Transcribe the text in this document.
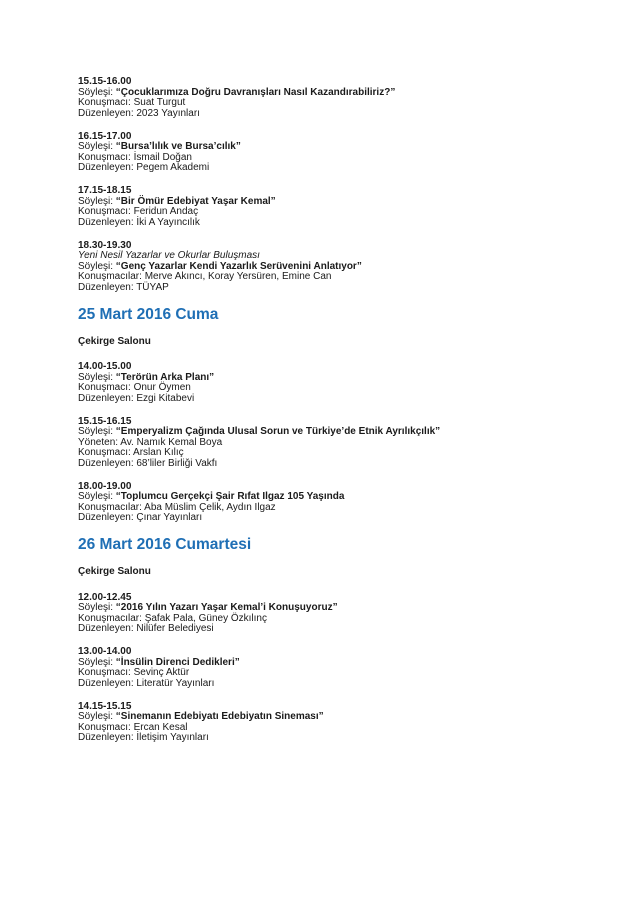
15.15-16.00
Söyleşi: “Çocuklarımıza Doğru Davranışları Nasıl Kazandırabiliriz?”
Konuşmacı: Suat Turgut
Düzenleyen: 2023 Yayınları
16.15-17.00
Söyleşi: “Bursa’lılık ve Bursa’cılık”
Konuşmacı: İsmail Doğan
Düzenleyen: Pegem Akademi
17.15-18.15
Söyleşi: “Bir Ömür Edebiyat Yaşar Kemal”
Konuşmacı: Feridun Andaç
Düzenleyen: İki A Yayıncılık
18.30-19.30
Yeni Nesil Yazarlar ve Okurlar Buluşması
Söyleşi: “Genç Yazarlar Kendi Yazarlık Serüvenini Anlatıyor”
Konuşmacılar: Merve Akıncı, Koray Yersüren, Emine Can
Düzenleyen: TÜYAP
25 Mart 2016 Cuma
Çekirge Salonu
14.00-15.00
Söyleşi: “Terörün Arka Planı”
Konuşmacı: Onur Öymen
Düzenleyen: Ezgi Kitabevi
15.15-16.15
Söyleşi: “Emperyalizm Çağında Ulusal Sorun ve Türkiye’de Etnik Ayrılıkçılık”
Yöneten: Av. Namık Kemal Boya
Konuşmacı: Arslan Kılıç
Düzenleyen: 68’liler Birliği Vakfı
18.00-19.00
Söyleşi: “Toplumcu Gerçekçi Şair Rıfat Ilgaz 105 Yaşında
Konuşmacılar: Aba Müslim Çelik, Aydın Ilgaz
Düzenleyen: Çınar Yayınları
26 Mart 2016 Cumartesi
Çekirge Salonu
12.00-12.45
Söyleşi: “2016 Yılın Yazarı Yaşar Kemal’i Konuşuyoruz”
Konuşmacılar: Şafak Pala, Güney Özkılınç
Düzenleyen: Nilüfer Belediyesi
13.00-14.00
Söyleşi: “İnsülin Direnci Dedikleri”
Konuşmacı: Sevinç Aktür
Düzenleyen: Literatür Yayınları
14.15-15.15
Söyleşi: “Sinemanın Edebiyatı Edebiyatın Sineması”
Konuşmacı: Ercan Kesal
Düzenleyen: İletişim Yayınları
